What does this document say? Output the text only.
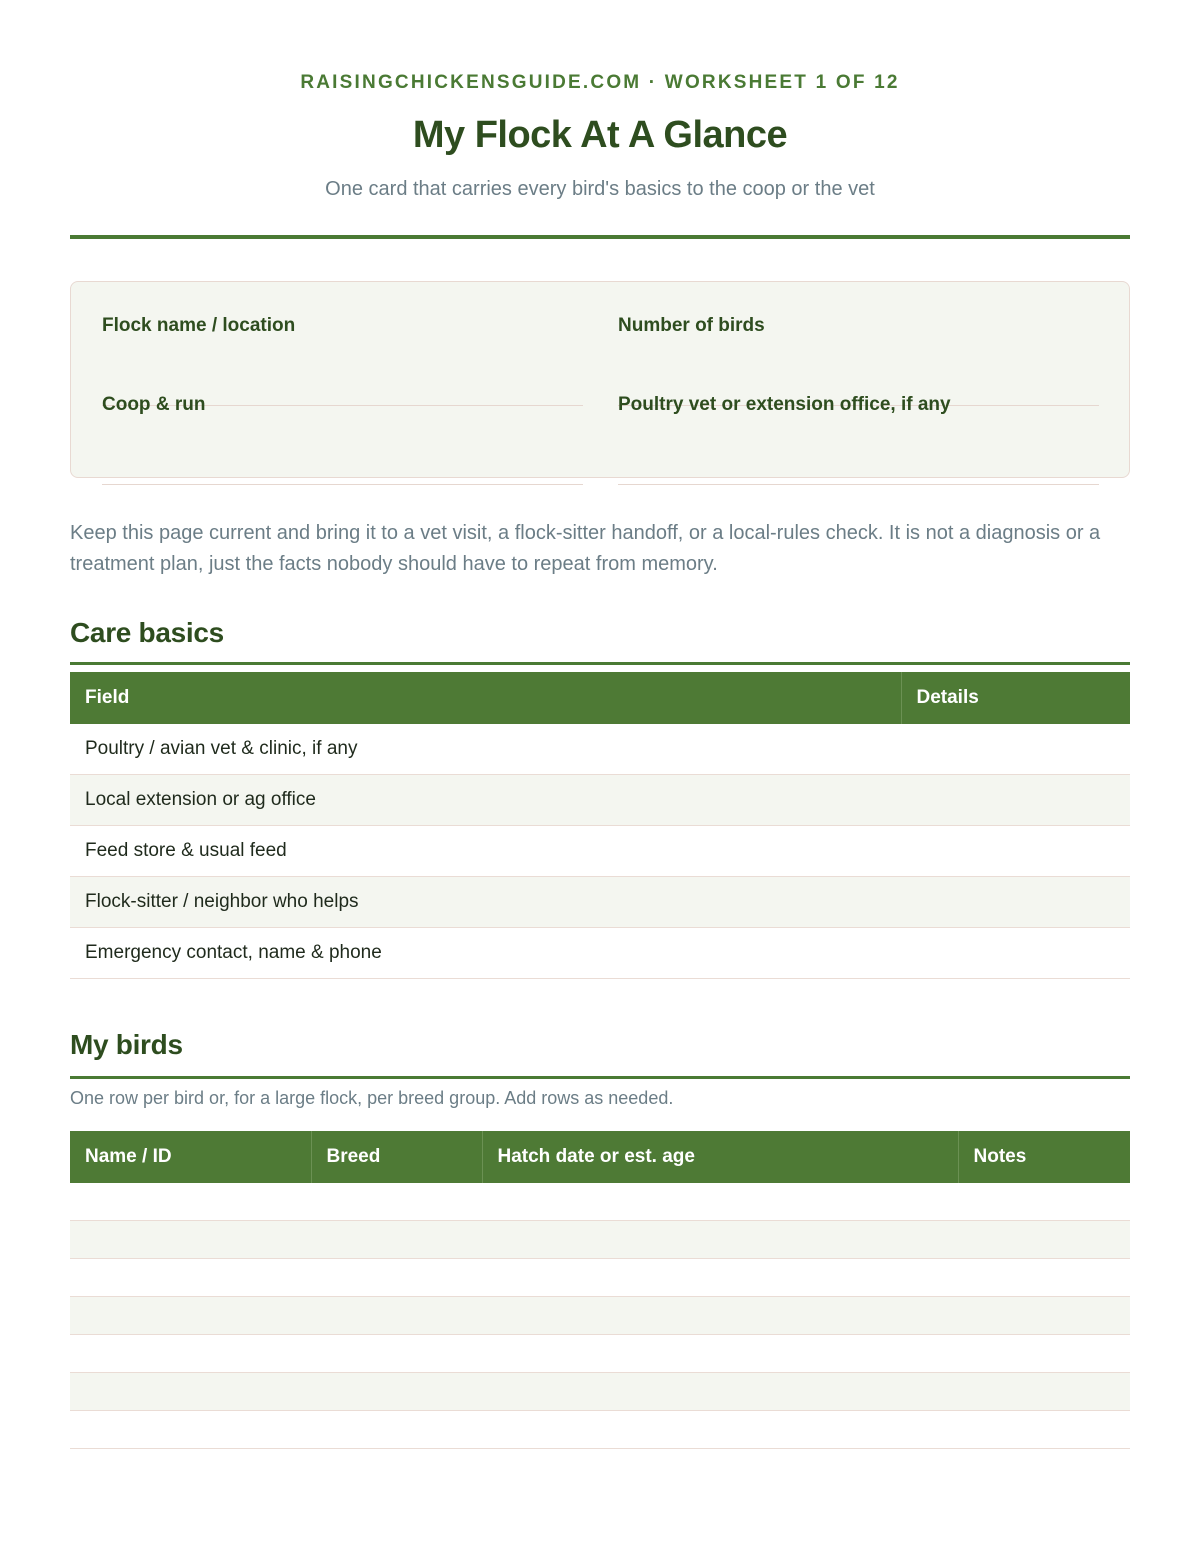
RAISINGCHICKENSGUIDE.COM · WORKSHEET 1 OF 12
My Flock At A Glance
One card that carries every bird's basics to the coop or the vet
Flock name / location	Number of birds
Coop & run	Poultry vet or extension office, if any
Keep this page current and bring it to a vet visit, a flock-sitter handoff, or a local-rules check. It is not a diagnosis or a treatment plan, just the facts nobody should have to repeat from memory.
Care basics
Field	Details
Poultry / avian vet & clinic, if any	
Local extension or ag office	
Feed store & usual feed	
Flock-sitter / neighbor who helps	
Emergency contact, name & phone	
My birds
One row per bird or, for a large flock, per breed group. Add rows as needed.
Name / ID	Breed	Hatch date or est. age	Notes
